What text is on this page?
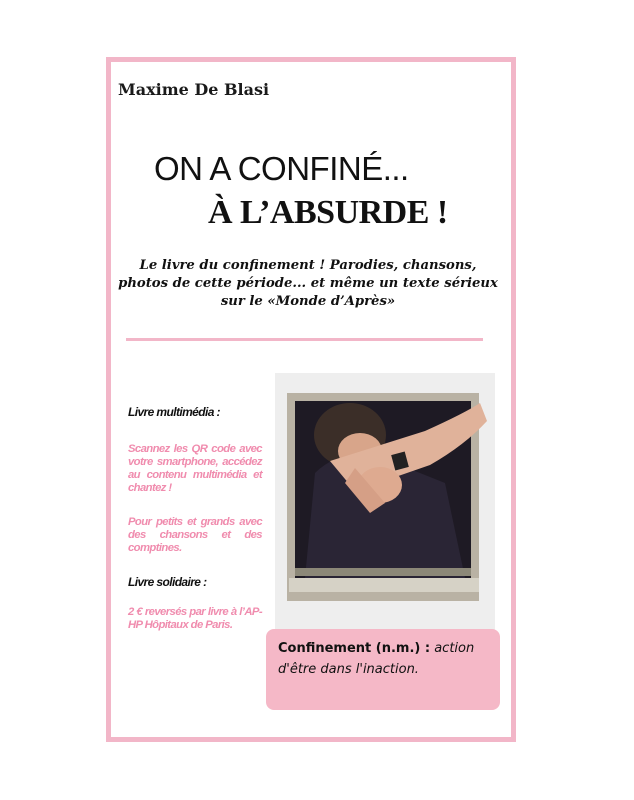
Maxime De Blasi
ON A CONFINÉ...
À L’ABSURDE !
Le livre du confinement ! Parodies, chansons, photos de cette période... et même un texte sérieux sur le «Monde d’Après»
Livre multimédia :
Scannez les QR code avec votre smartphone, accédez au contenu multimédia et chantez !
Pour petits et grands avec des chansons et des comptines.
Livre solidaire :
2 € reversés par livre à l’AP-HP Hôpitaux de Paris.
Confinement (n.m.) : action d'être dans l'inaction.
